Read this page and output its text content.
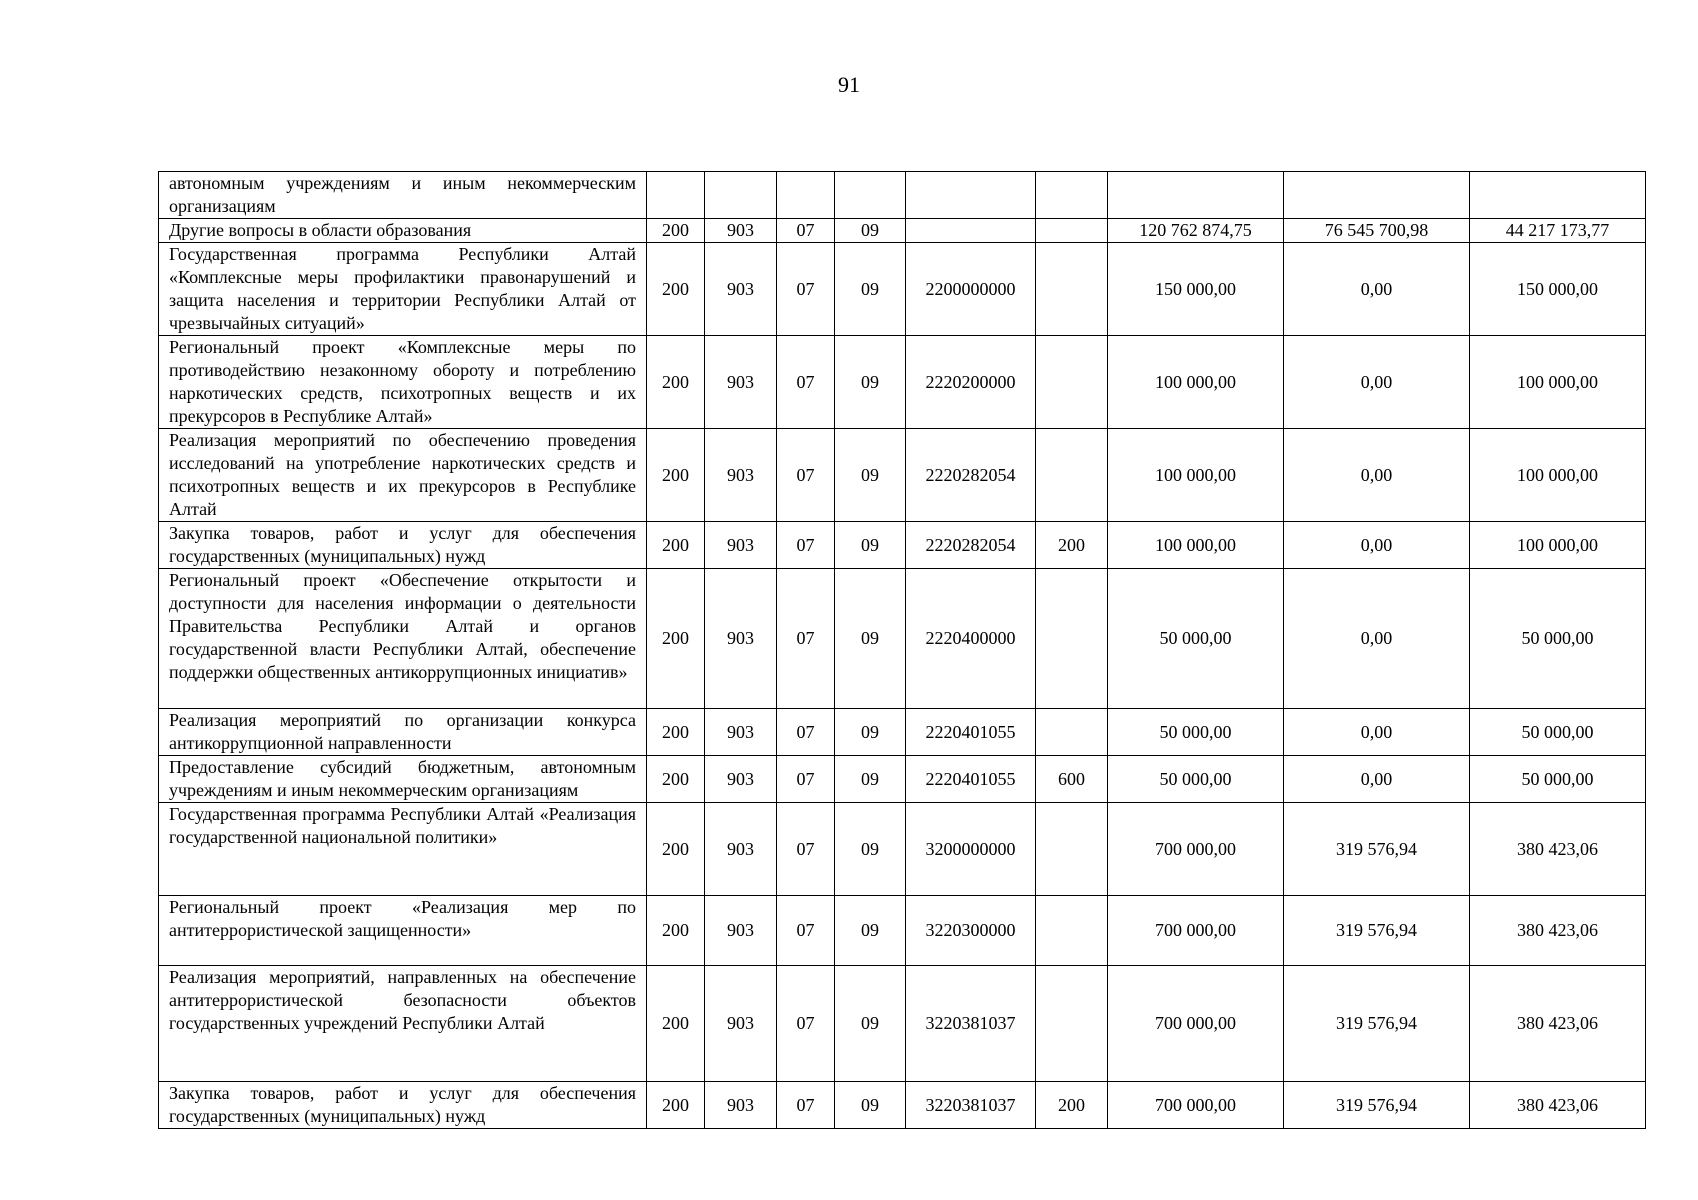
91
автономным учреждениям и иным некоммерческим организациям									
Другие вопросы в области образования	200	903	07	09			120 762 874,75	76 545 700,98	44 217 173,77
Государственная программа Республики Алтай «Комплексные меры профилактики правонарушений и защита населения и территории Республики Алтай от чрезвычайных ситуаций»	200	903	07	09	2200000000		150 000,00	0,00	150 000,00
Региональный проект «Комплексные меры по противодействию незаконному обороту и потреблению наркотических средств, психотропных веществ и их прекурсоров в Республике Алтай»	200	903	07	09	2220200000		100 000,00	0,00	100 000,00
Реализация мероприятий по обеспечению проведения исследований на употребление наркотических средств и психотропных веществ и их прекурсоров в Республике Алтай	200	903	07	09	2220282054		100 000,00	0,00	100 000,00
Закупка товаров, работ и услуг для обеспечения государственных (муниципальных) нужд	200	903	07	09	2220282054	200	100 000,00	0,00	100 000,00
Региональный проект «Обеспечение открытости и доступности для населения информации о деятельности Правительства Республики Алтай и органов государственной власти Республики Алтай, обеспечение поддержки общественных антикоррупционных инициатив»	200	903	07	09	2220400000		50 000,00	0,00	50 000,00
Реализация мероприятий по организации конкурса антикоррупционной направленности	200	903	07	09	2220401055		50 000,00	0,00	50 000,00
Предоставление субсидий бюджетным, автономным учреждениям и иным некоммерческим организациям	200	903	07	09	2220401055	600	50 000,00	0,00	50 000,00
Государственная программа Республики Алтай «Реализация государственной национальной политики»	200	903	07	09	3200000000		700 000,00	319 576,94	380 423,06
Региональный проект «Реализация мер по антитеррористической защищенности»	200	903	07	09	3220300000		700 000,00	319 576,94	380 423,06
Реализация мероприятий, направленных на обеспечение антитеррористической безопасности объектов государственных учреждений Республики Алтай	200	903	07	09	3220381037		700 000,00	319 576,94	380 423,06
Закупка товаров, работ и услуг для обеспечения государственных (муниципальных) нужд	200	903	07	09	3220381037	200	700 000,00	319 576,94	380 423,06
